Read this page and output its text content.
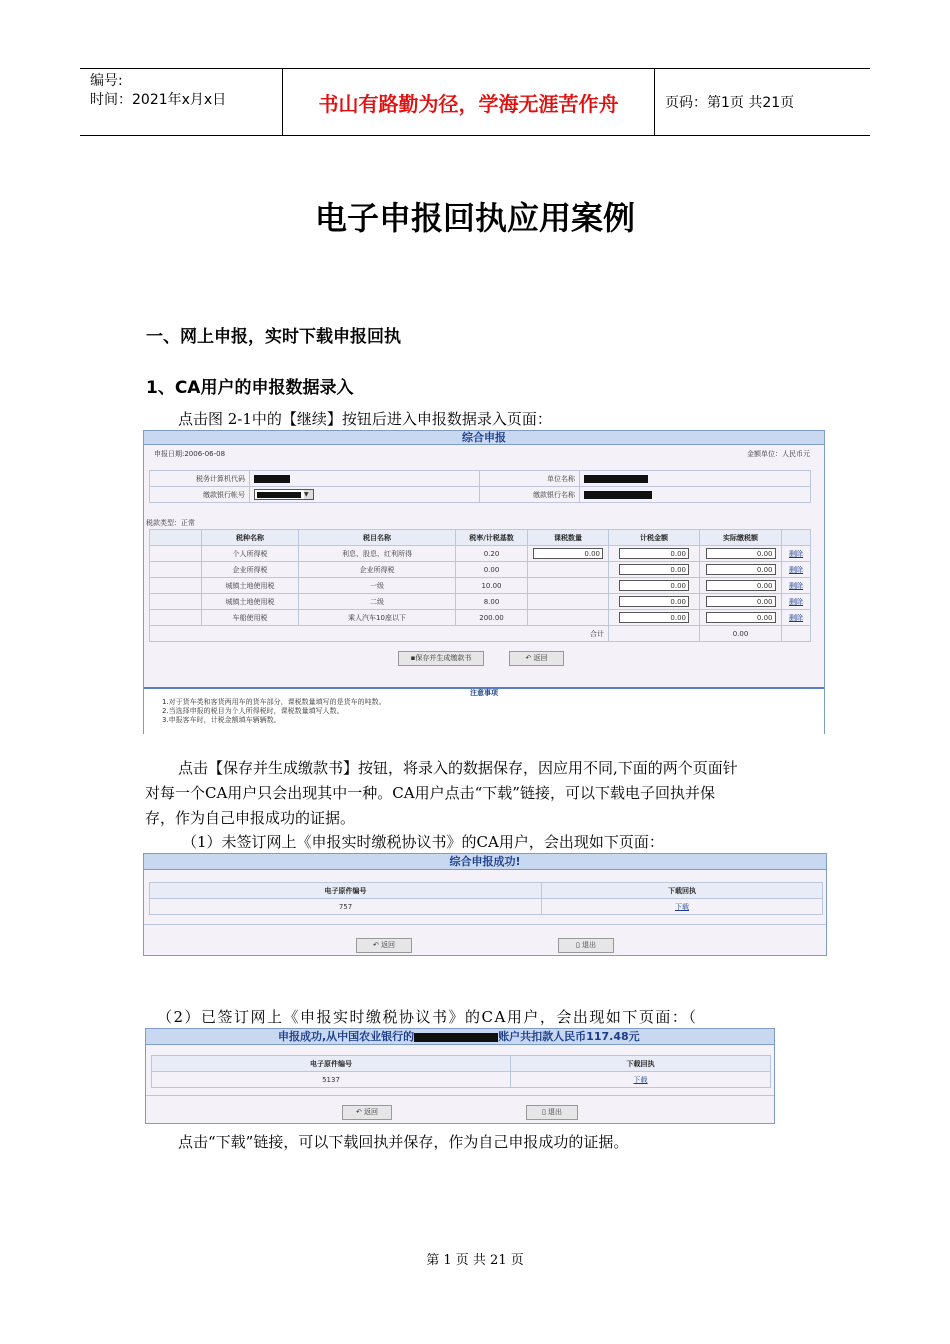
编号:
时间：2021年x月x日	书山有路勤为径，学海无涯苦作舟	页码：第1页 共21页
电子申报回执应用案例
一、网上申报，实时下载申报回执
1、CA用户的申报数据录入
点击图 2-1中的【继续】按钮后进入申报数据录入页面：
综合申报
申报日期:2006-06-08	金额单位：人民币元
税务计算机代码		单位名称	
缴款银行帐号	▼	缴款银行名称	
税款类型：正常
	税种名称	税目名称	税率/计税基数	课税数量	计税金额	实际缴税额	
	个人所得税	利息、股息、红利所得	0.20	0.00	0.00	0.00	删除
	企业所得税	企业所得税	0.00		0.00	0.00	删除
	城镇土地使用税	一级	10.00		0.00	0.00	删除
	城镇土地使用税	二级	8.00		0.00	0.00	删除
	车船使用税	乘人汽车10座以下	200.00		0.00	0.00	删除
合计						0.00	
▪保存并生成缴款书	↶ 返回
注意事项
1.对于货车类和客货两用车的货车部分，课税数量填写的是货车的吨数。
2.当选择申报的税目为个人所得税时，课税数量填写人数。
3.申报客车时，计税金额填车辆辆数。
点击【保存并生成缴款书】按钮，将录入的数据保存，因应用不同,下面的两个页面针
对每一个CA用户只会出现其中一种。CA用户点击“下载”链接，可以下载电子回执并保
存，作为自己申报成功的证据。
（1）未签订网上《申报实时缴税协议书》的CA用户，会出现如下页面：
综合申报成功!
电子原件编号	下载回执
757	下载
↶ 返回	▯ 退出
（2）已签订网上《申报实时缴税协议书》的CA用户，会出现如下页面：（
申报成功,从中国农业银行的	账户共扣款人民币117.48元
电子原件编号	下载回执
5137	下载
↶ 返回	▯ 退出
点击“下载”链接，可以下载回执并保存，作为自己申报成功的证据。
第 1 页 共 21 页
